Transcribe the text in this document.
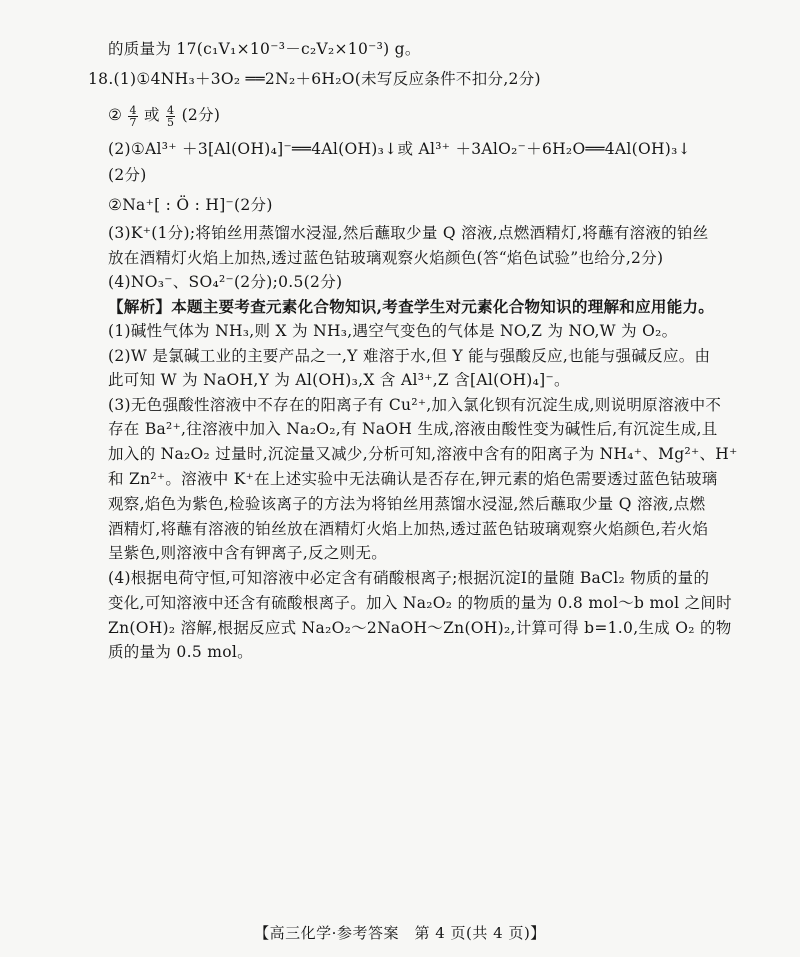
的质量为 17(c₁V₁×10⁻³－c₂V₂×10⁻³) g。
18.(1)①4NH₃＋3O₂ ══2N₂＋6H₂O(未写反应条件不扣分,2分)
② $\frac{4}{7}$ 或 $\frac{4}{5} (2$分)
(2)①Al³⁺ ＋3[Al(OH)₄]⁻══4Al(OH)₃↓或 Al³⁺ ＋3AlO₂⁻＋6H₂O══4Al(OH)₃↓
(2分)
②Na⁺[ : Ö : H]⁻(2分)
(3)K⁺(1分);将铂丝用蒸馏水浸湿,然后蘸取少量 Q 溶液,点燃酒精灯,将蘸有溶液的铂丝
放在酒精灯火焰上加热,透过蓝色钴玻璃观察火焰颜色(答“焰色试验”也给分,2分)
(4)NO₃⁻、SO₄²⁻(2分);0.5(2分)
【解析】本题主要考查元素化合物知识,考查学生对元素化合物知识的理解和应用能力。
(1)碱性气体为 NH₃,则 X 为 NH₃,遇空气变色的气体是 NO,Z 为 NO,W 为 O₂。
(2)W 是氯碱工业的主要产品之一,Y 难溶于水,但 Y 能与强酸反应,也能与强碱反应。由
此可知 W 为 NaOH,Y 为 Al(OH)₃,X 含 Al³⁺,Z 含[Al(OH)₄]⁻。
(3)无色强酸性溶液中不存在的阳离子有 Cu²⁺,加入氯化钡有沉淀生成,则说明原溶液中不
存在 Ba²⁺,往溶液中加入 Na₂O₂,有 NaOH 生成,溶液由酸性变为碱性后,有沉淀生成,且
加入的 Na₂O₂ 过量时,沉淀量又减少,分析可知,溶液中含有的阳离子为 NH₄⁺、Mg²⁺、H⁺
和 Zn²⁺。溶液中 K⁺在上述实验中无法确认是否存在,钾元素的焰色需要透过蓝色钴玻璃
观察,焰色为紫色,检验该离子的方法为将铂丝用蒸馏水浸湿,然后蘸取少量 Q 溶液,点燃
酒精灯,将蘸有溶液的铂丝放在酒精灯火焰上加热,透过蓝色钴玻璃观察火焰颜色,若火焰
呈紫色,则溶液中含有钾离子,反之则无。
(4)根据电荷守恒,可知溶液中必定含有硝酸根离子;根据沉淀Ⅰ的量随 BaCl₂ 物质的量的
变化,可知溶液中还含有硫酸根离子。加入 Na₂O₂ 的物质的量为 0.8 mol～b mol 之间时
Zn(OH)₂ 溶解,根据反应式 Na₂O₂～2NaOH～Zn(OH)₂,计算可得 b=1.0,生成 O₂ 的物
质的量为 0.5 mol。
【高三化学·参考答案　第 4 页(共 4 页)】
